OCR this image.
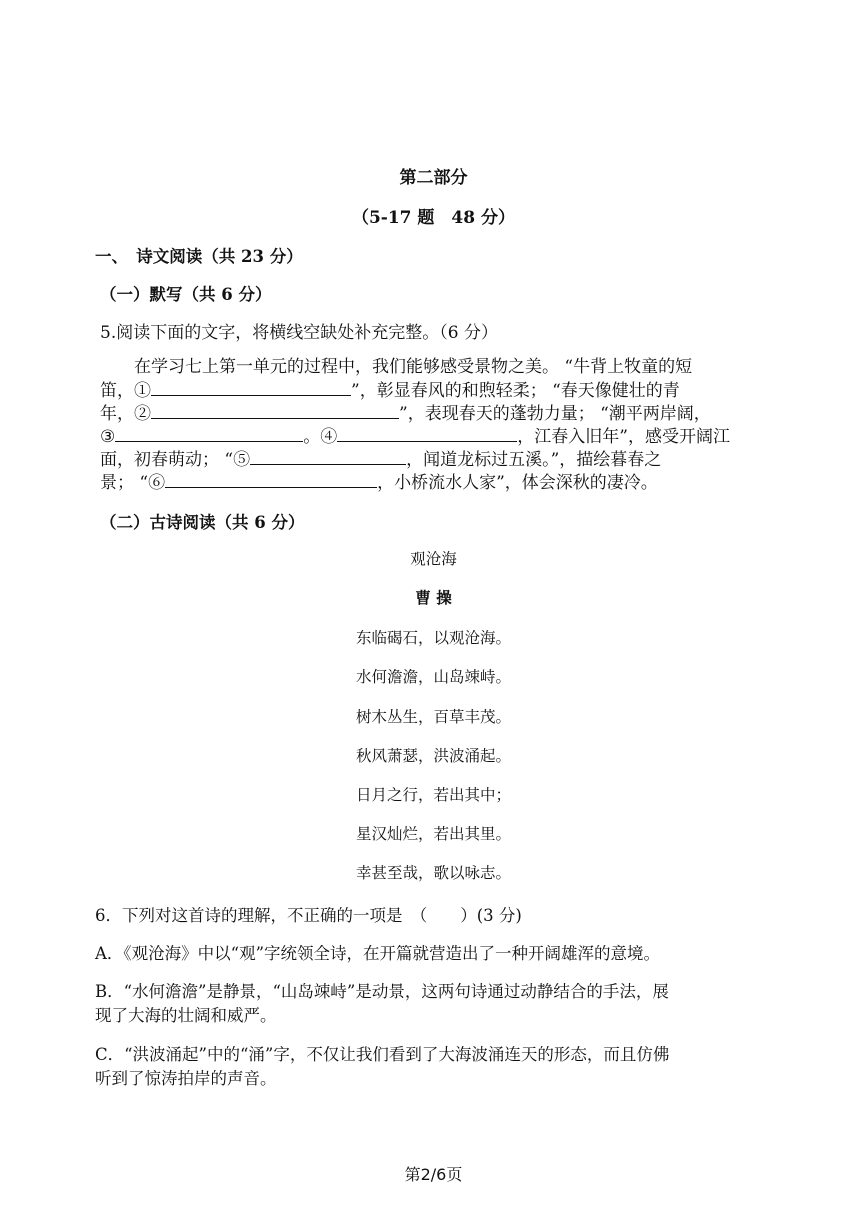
第二部分
（5-17 题　48 分）
一、　诗文阅读（共 23 分）
（一）默写（共 6 分）
5.阅读下面的文字，将横线空缺处补充完整。（6 分）
在学习七上第一单元的过程中，我们能够感受景物之美。 “牛背上牧童的短
笛，①	”，彰显春风的和煦轻柔； “春天像健壮的青
年，②	”，表现春天的蓬勃力量； “潮平两岸阔，
③	。④	，江春入旧年”，感受开阔江
面，初春萌动； “⑤	，闻道龙标过五溪。”，描绘暮春之
景； “⑥	，小桥流水人家”，体会深秋的凄冷。
（二）古诗阅读（共 6 分）
观沧海
曹 操
东临碣石，以观沧海。
水何澹澹，山岛竦峙。
树木丛生，百草丰茂。
秋风萧瑟，洪波涌起。
日月之行，若出其中；
星汉灿烂，若出其里。
幸甚至哉，歌以咏志。
6．下列对这首诗的理解，不正确的一项是　（　　）(3 分)
A．《观沧海》中以“观”字统领全诗，在开篇就营造出了一种开阔雄浑的意境。
B．“水何澹澹”是静景，“山岛竦峙”是动景，这两句诗通过动静结合的手法，展
现了大海的壮阔和威严。
C．“洪波涌起”中的“涌”字，不仅让我们看到了大海波涌连天的形态，而且仿佛
听到了惊涛拍岸的声音。
第2/6页
